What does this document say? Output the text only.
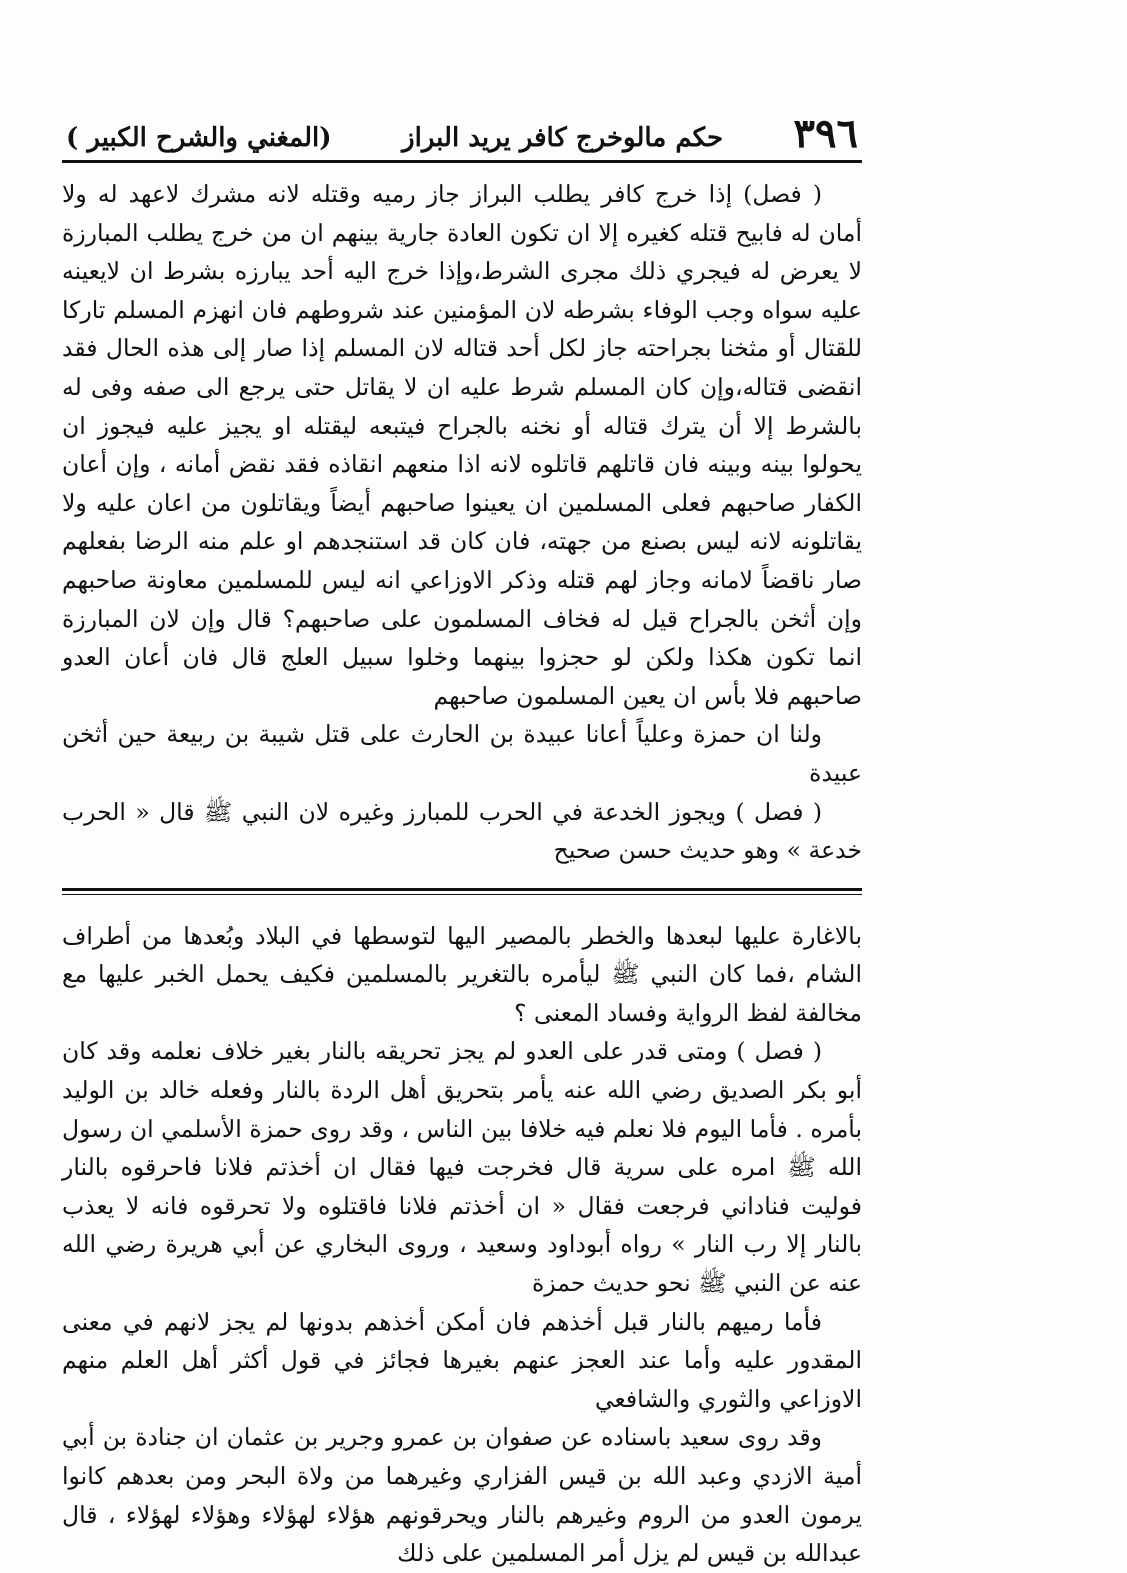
٣٩٦
حكم مالوخرج كافر يريد البراز
(المغني والشرح الكبير )

( فصل) إذا خرج كافر يطلب البراز جاز رميه وقتله لانه مشرك لاعهد له ولا أمان له فابيح قتله كغيره إلا ان تكون العادة جارية بينهم ان من خرج يطلب المبارزة لا يعرض له فيجري ذلك مجرى الشرط،وإذا خرج اليه أحد يبارزه بشرط ان لايعينه عليه سواه وجب الوفاء بشرطه لان المؤمنين عند شروطهم فان انهزم المسلم تاركا للقتال أو مثخنا بجراحته جاز لكل أحد قتاله لان المسلم إذا صار إلى هذه الحال فقد انقضى قتاله،وإن كان المسلم شرط عليه ان لا يقاتل حتى يرجع الى صفه وفى له بالشرط إلا أن يترك قتاله أو نخنه بالجراح فيتبعه ليقتله او يجيز عليه فيجوز ان يحولوا بينه وبينه فان قاتلهم قاتلوه لانه اذا منعهم انقاذه فقد نقض أمانه ، وإن أعان الكفار صاحبهم فعلى المسلمين ان يعينوا صاحبهم أيضاً ويقاتلون من اعان عليه ولا يقاتلونه لانه ليس بصنع من جهته، فان كان قد استنجدهم او علم منه الرضا بفعلهم صار ناقضاً لامانه وجاز لهم قتله وذكر الاوزاعي انه ليس للمسلمين معاونة صاحبهم وإن أثخن بالجراح قيل له فخاف المسلمون على صاحبهم؟ قال وإن لان المبارزة انما تكون هكذا ولكن لو حجزوا بينهما وخلوا سبيل العلج قال فان أعان العدو صاحبهم فلا بأس ان يعين المسلمون صاحبهم

ولنا ان حمزة وعلياً أعانا عبيدة بن الحارث على قتل شيبة بن ربيعة حين أثخن عبيدة

( فصل ) ويجوز الخدعة في الحرب للمبارز وغيره لان النبي ﷺ قال « الحرب خدعة » وهو حديث حسن صحيح

بالاغارة عليها لبعدها والخطر بالمصير اليها لتوسطها في البلاد وبُعدها من أطراف الشام ،فما كان النبي ﷺ ليأمره بالتغرير بالمسلمين فكيف يحمل الخبر عليها مع مخالفة لفظ الرواية وفساد المعنى ؟

( فصل ) ومتى قدر على العدو لم يجز تحريقه بالنار بغير خلاف نعلمه وقد كان أبو بكر الصديق رضي الله عنه يأمر بتحريق أهل الردة بالنار وفعله خالد بن الوليد بأمره . فأما اليوم فلا نعلم فيه خلافا بين الناس ، وقد روى حمزة الأسلمي ان رسول الله ﷺ امره على سرية قال فخرجت فيها فقال ان أخذتم فلانا فاحرقوه بالنار فوليت فناداني فرجعت فقال « ان أخذتم فلانا فاقتلوه ولا تحرقوه فانه لا يعذب بالنار إلا رب النار » رواه أبوداود وسعيد ، وروى البخاري عن أبي هريرة رضي الله عنه عن النبي ﷺ نحو حديث حمزة

فأما رميهم بالنار قبل أخذهم فان أمكن أخذهم بدونها لم يجز لانهم في معنى المقدور عليه وأما عند العجز عنهم بغيرها فجائز في قول أكثر أهل العلم منهم الاوزاعي والثوري والشافعي

وقد روى سعيد باسناده عن صفوان بن عمرو وجرير بن عثمان ان جنادة بن أبي أمية الازدي وعبد الله بن قيس الفزاري وغيرهما من ولاة البحر ومن بعدهم كانوا يرمون العدو من الروم وغيرهم بالنار ويحرقونهم هؤلاء لهؤلاء وهؤلاء لهؤلاء ، قال عبدالله بن قيس لم يزل أمر المسلمين على ذلك
